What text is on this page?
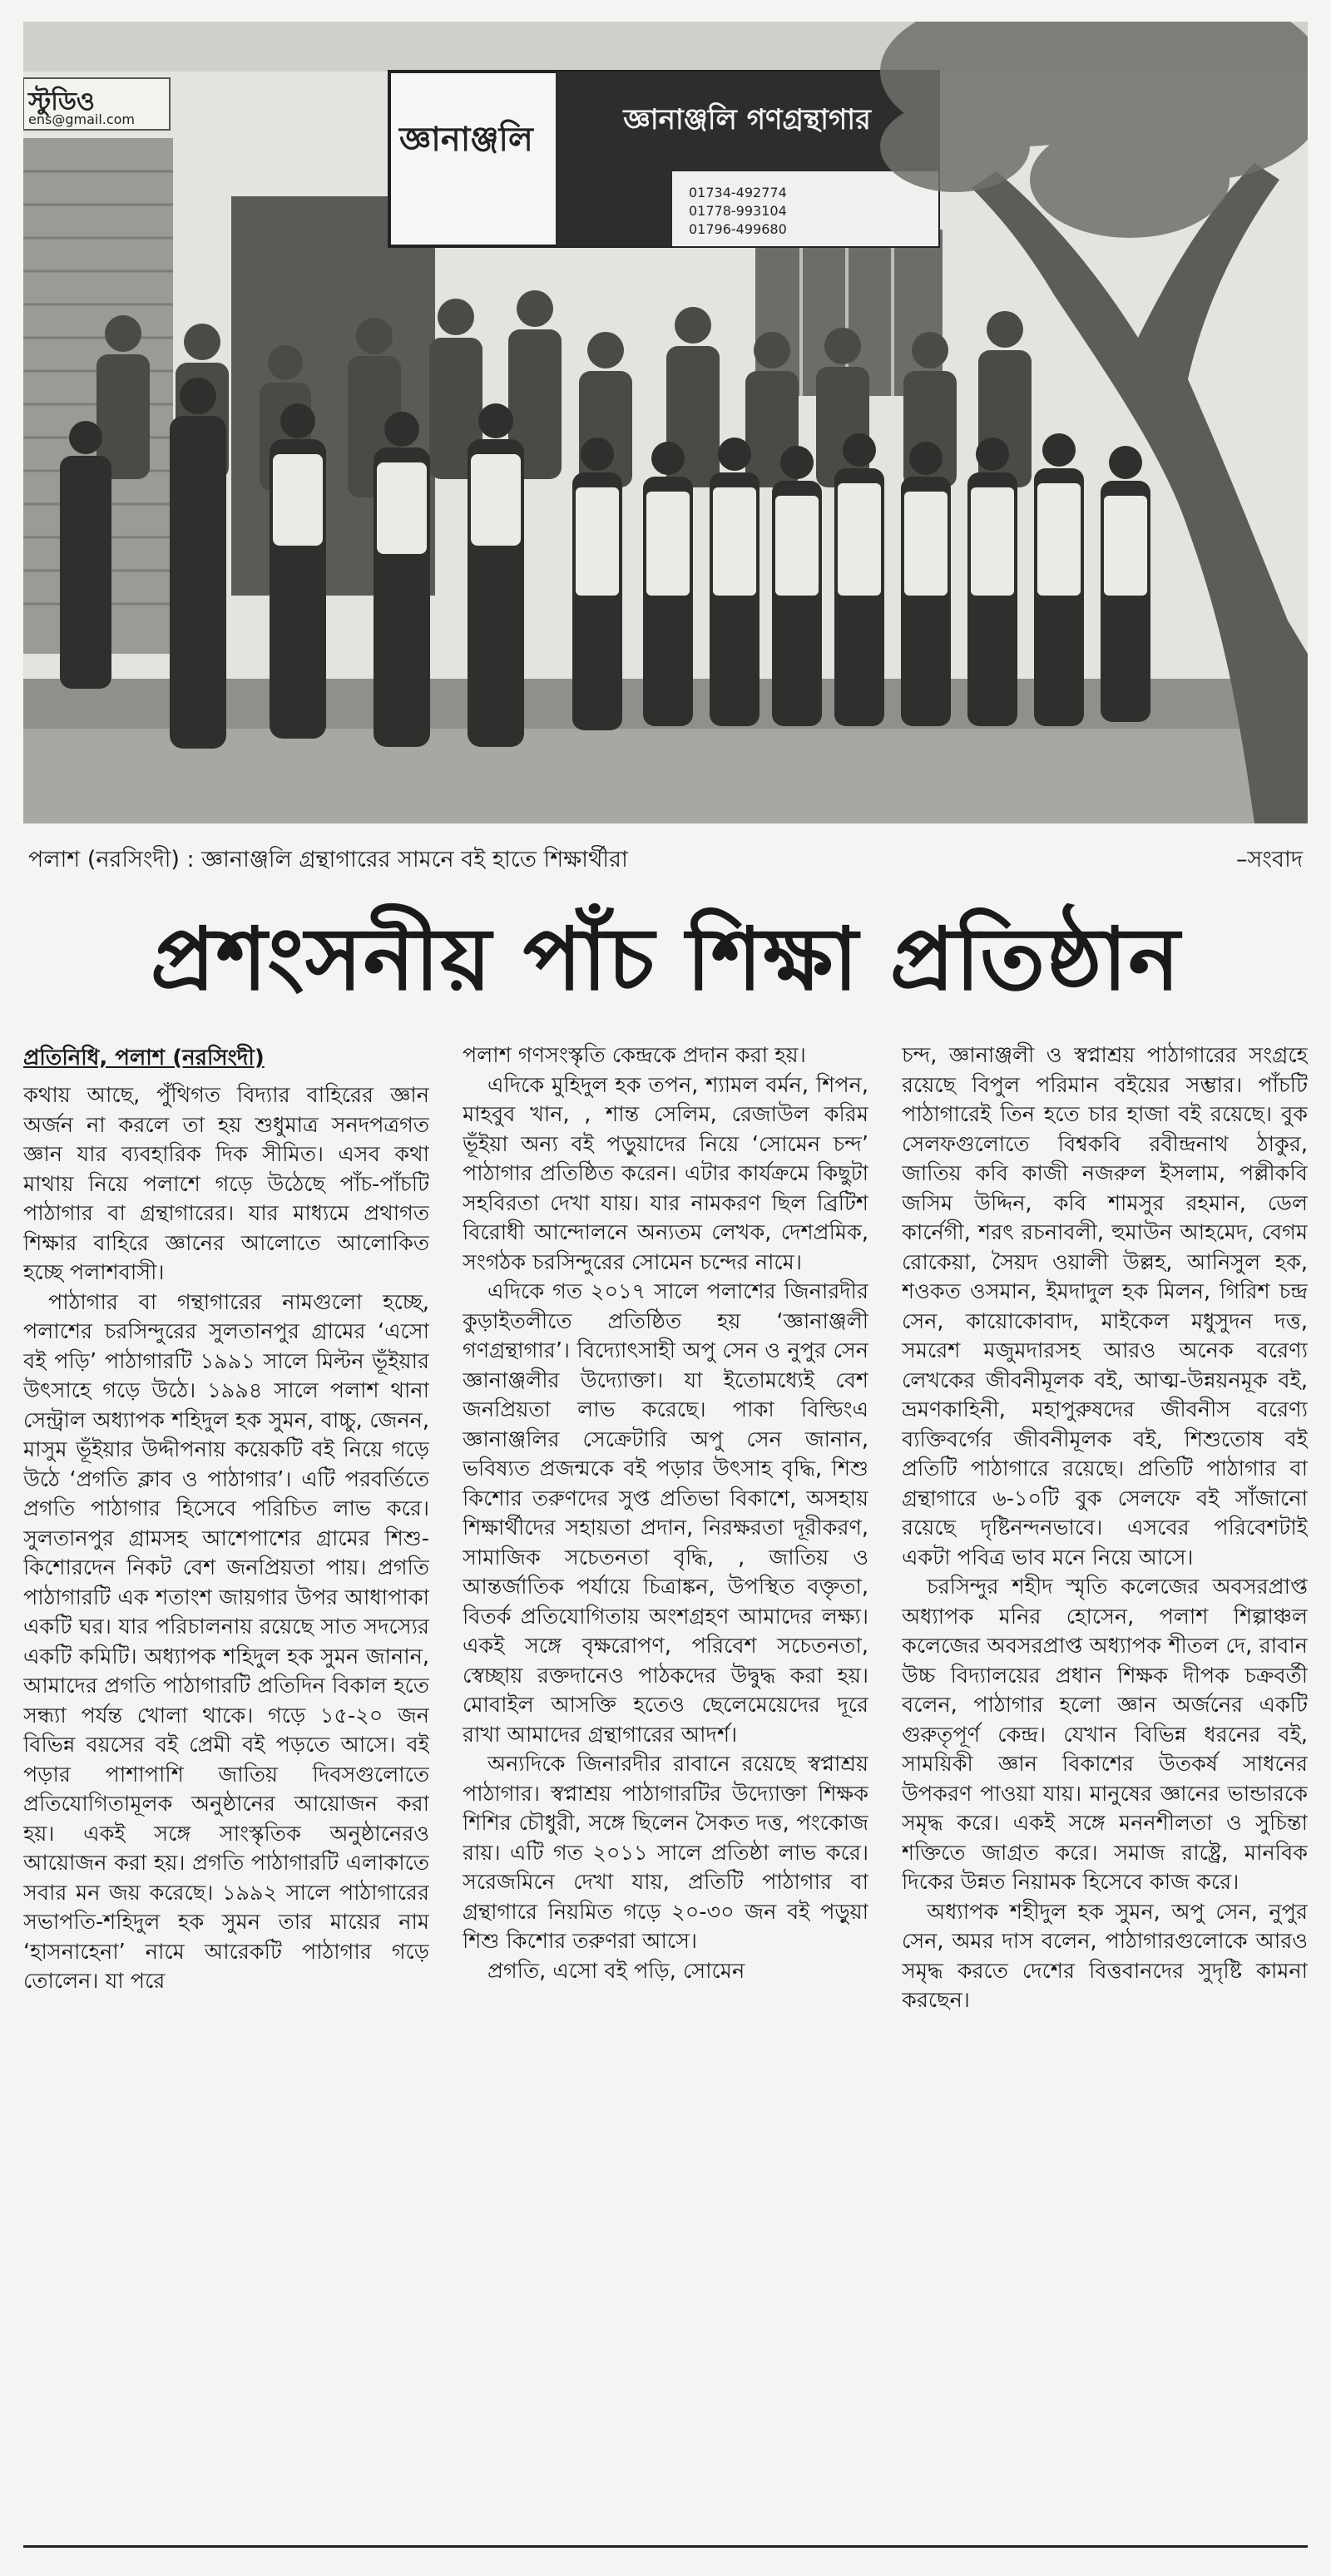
স্টুডিও
ens@gmail.com
জ্ঞানাঞ্জলি
জ্ঞানাঞ্জলি গণগ্রন্থাগার
01734-492774
01778-993104
01796-499680
পলাশ (নরসিংদী) : জ্ঞানাঞ্জলি গ্রন্থাগারের সামনে বই হাতে শিক্ষার্থীরা	–সংবাদ
প্রশংসনীয় পাঁচ শিক্ষা প্রতিষ্ঠান
প্রতিনিধি, পলাশ (নরসিংদী)

কথায় আছে, পুঁথিগত বিদ্যার বাহিরের জ্ঞান অর্জন না করলে তা হয় শুধুমাত্র সনদপত্রগত জ্ঞান যার ব্যবহারিক দিক সীমিত। এসব কথা মাথায় নিয়ে পলাশে গড়ে উঠেছে পাঁচ-পাঁচটি পাঠাগার বা গ্রন্থাগারের। যার মাধ্যমে প্রথাগত শিক্ষার বাহিরে জ্ঞানের আলোতে আলোকিত হচ্ছে পলাশবাসী।

পাঠাগার বা গন্থাগারের নামগুলো হচ্ছে, পলাশের চরসিন্দুরের সুলতানপুর গ্রামের ‘এসো বই পড়ি’ পাঠাগারটি ১৯৯১ সালে মিল্টন ভূঁইয়ার উৎসাহে গড়ে উঠে। ১৯৯৪ সালে পলাশ থানা সেন্ট্রাল অধ্যাপক শহিদুল হক সুমন, বাচ্চু, জেনন, মাসুম ভূঁইয়ার উদ্দীপনায় কয়েকটি বই নিয়ে গড়ে উঠে ‘প্রগতি ক্লাব ও পাঠাগার’। এটি পরবর্তিতে প্রগতি পাঠাগার হিসেবে পরিচিত লাভ করে। সুলতানপুর গ্রামসহ আশেপাশের গ্রামের শিশু- কিশোরদেন নিকট বেশ জনপ্রিয়তা পায়। প্রগতি পাঠাগারটি এক শতাংশ জায়গার উপর আধাপাকা একটি ঘর। যার পরিচালনায় রয়েছে সাত সদস্যের একটি কমিটি। অধ্যাপক শহিদুল হক সুমন জানান, আমাদের প্রগতি পাঠাগারটি প্রতিদিন বিকাল হতে সন্ধ্যা পর্যন্ত খোলা থাকে। গড়ে ১৫-২০ জন বিভিন্ন বয়সের বই প্রেমী বই পড়তে আসে। বই পড়ার পাশাপাশি জাতিয় দিবসগুলোতে প্রতিযোগিতামূলক অনুষ্ঠানের আয়োজন করা হয়। একই সঙ্গে সাংস্কৃতিক অনুষ্ঠানেরও আয়োজন করা হয়। প্রগতি পাঠাগারটি এলাকাতে সবার মন জয় করেছে। ১৯৯২ সালে পাঠাগারের সভাপতি-শহিদুল হক সুমন তার মায়ের নাম ‘হাসনাহেনা’ নামে আরেকটি পাঠাগার গড়ে তোলেন। যা পরে

পলাশ গণসংস্কৃতি কেন্দ্রকে প্রদান করা হয়।

এদিকে মুহিদুল হক তপন, শ্যামল বর্মন, শিপন, মাহবুব খান, , শান্ত সেলিম, রেজাউল করিম ভূঁইয়া অন্য বই পড়ুয়াদের নিয়ে ‘সোমেন চন্দ’ পাঠাগার প্রতিষ্ঠিত করেন। এটার কার্যক্রমে কিছুটা সহবিরতা দেখা যায়। যার নামকরণ ছিল ব্রিটিশ বিরোধী আন্দোলনে অন্যতম লেখক, দেশপ্রমিক, সংগঠক চরসিন্দুরের সোমেন চন্দের নামে।

এদিকে গত ২০১৭ সালে পলাশের জিনারদীর কুড়াইতলীতে প্রতিষ্ঠিত হয় ‘জ্ঞানাঞ্জলী গণগ্রন্থাগার’। বিদ্যোৎসাহী অপু সেন ও নুপুর সেন জ্ঞানাঞ্জলীর উদ্যোক্তা। যা ইতোমধ্যেই বেশ জনপ্রিয়তা লাভ করেছে। পাকা বিল্ডিংএ জ্ঞানাঞ্জলির সেক্রেটারি অপু সেন জানান, ভবিষ্যত প্রজন্মকে বই পড়ার উৎসাহ বৃদ্ধি, শিশু কিশোর তরুণদের সুপ্ত প্রতিভা বিকাশে, অসহায় শিক্ষার্থীদের সহায়তা প্রদান, নিরক্ষরতা দূরীকরণ, সামাজিক সচেতনতা বৃদ্ধি, , জাতিয় ও আন্তর্জাতিক পর্যায়ে চিত্রাঙ্কন, উপস্থিত বক্তৃতা, বিতর্ক প্রতিযোগিতায় অংশগ্রহণ আমাদের লক্ষ্য। একই সঙ্গে বৃক্ষরোপণ, পরিবেশ সচেতনতা, স্বেচ্ছায় রক্তদানেও পাঠকদের উদ্বুদ্ধ করা হয়। মোবাইল আসক্তি হতেও ছেলেমেয়েদের দূরে রাখা আমাদের গ্রন্থাগারের আদর্শ।

অন্যদিকে জিনারদীর রাবানে রয়েছে স্বপ্নাশ্রয় পাঠাগার। স্বপ্নাশ্রয় পাঠাগারটির উদ্যোক্তা শিক্ষক শিশির চৌধুরী, সঙ্গে ছিলেন সৈকত দত্ত, পংকোজ রায়। এটি গত ২০১১ সালে প্রতিষ্ঠা লাভ করে। সরেজমিনে দেখা যায়, প্রতিটি পাঠাগার বা গ্রন্থাগারে নিয়মিত গড়ে ২০-৩০ জন বই পড়ুয়া শিশু কিশোর তরুণরা আসে।

প্রগতি, এসো বই পড়ি, সোমেন

চন্দ, জ্ঞানাঞ্জলী ও স্বপ্নাশ্রয় পাঠাগারের সংগ্রহে রয়েছে বিপুল পরিমান বইয়ের সম্ভার। পাঁচটি পাঠাগারেই তিন হতে চার হাজা বই রয়েছে। বুক সেলফগুলোতে বিশ্বকবি রবীন্দ্রনাথ ঠাকুর, জাতিয় কবি কাজী নজরুল ইসলাম, পল্লীকবি জসিম উদ্দিন, কবি শামসুর রহমান, ডেল কার্নেগী, শরৎ রচনাবলী, হুমাউন আহমেদ, বেগম রোকেয়া, সৈয়দ ওয়ালী উল্লহ, আনিসুল হক, শওকত ওসমান, ইমদাদুল হক মিলন, গিরিশ চন্দ্র সেন, কায়োকোবাদ, মাইকেল মধুসুদন দত্ত, সমরেশ মজুমদারসহ আরও অনেক বরেণ্য লেখকের জীবনীমূলক বই, আত্ম-উন্নয়নমূক বই, ভ্রমণকাহিনী, মহাপুরুষদের জীবনীস বরেণ্য ব্যক্তিবর্গের জীবনীমূলক বই, শিশুতোষ বই প্রতিটি পাঠাগারে রয়েছে। প্রতিটি পাঠাগার বা গ্রন্থাগারে ৬-১০টি বুক সেলফে বই সাঁজানো রয়েছে দৃষ্টিনন্দনভাবে। এসবের পরিবেশটাই একটা পবিত্র ভাব মনে নিয়ে আসে।

চরসিন্দুর শহীদ স্মৃতি কলেজের অবসরপ্রাপ্ত অধ্যাপক মনির হোসেন, পলাশ শিল্পাঞ্চল কলেজের অবসরপ্রাপ্ত অধ্যাপক শীতল দে, রাবান উচ্চ বিদ্যালয়ের প্রধান শিক্ষক দীপক চক্রবর্তী বলেন, পাঠাগার হলো জ্ঞান অর্জনের একটি গুরুতৃপূর্ণ কেন্দ্র। যেখান বিভিন্ন ধরনের বই, সাময়িকী জ্ঞান বিকাশের উতকর্ষ সাধনের উপকরণ পাওয়া যায়। মানুষের জ্ঞানের ভান্ডারকে সমৃদ্ধ করে। একই সঙ্গে মননশীলতা ও সুচিন্তা শক্তিতে জাগ্রত করে। সমাজ রাষ্ট্রে, মানবিক দিকের উন্নত নিয়ামক হিসেবে কাজ করে।

অধ্যাপক শহীদুল হক সুমন, অপু সেন, নুপুর সেন, অমর দাস বলেন, পাঠাগারগুলোকে আরও সমৃদ্ধ করতে দেশের বিত্তবানদের সুদৃষ্টি কামনা করছেন।
